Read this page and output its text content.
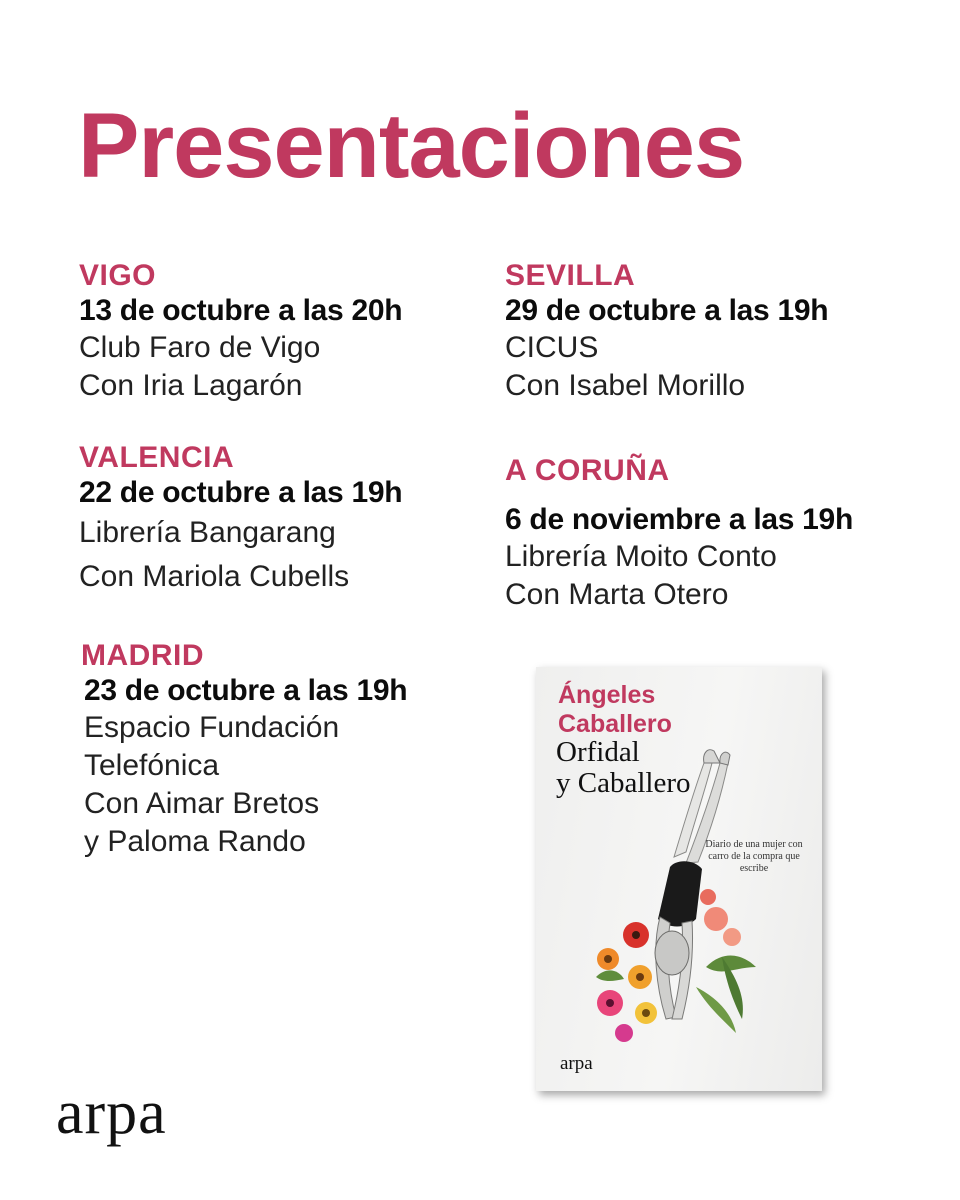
Presentaciones
VIGO
13 de octubre a las 20h
Club Faro de Vigo
Con Iria Lagarón
VALENCIA
22 de octubre a las 19h
Librería Bangarang
Con Mariola Cubells
MADRID
23 de octubre a las 19h
Espacio Fundación
Telefónica
Con Aimar Bretos
y Paloma Rando
SEVILLA
29 de octubre a las 19h
CICUS
Con Isabel Morillo
A CORUÑA
6 de noviembre a las 19h
Librería Moito Conto
Con Marta Otero
Ángeles
Caballero
Orfidal
y Caballero
Diario de una mujer con carro de la compra que escribe
arpa
arpa
